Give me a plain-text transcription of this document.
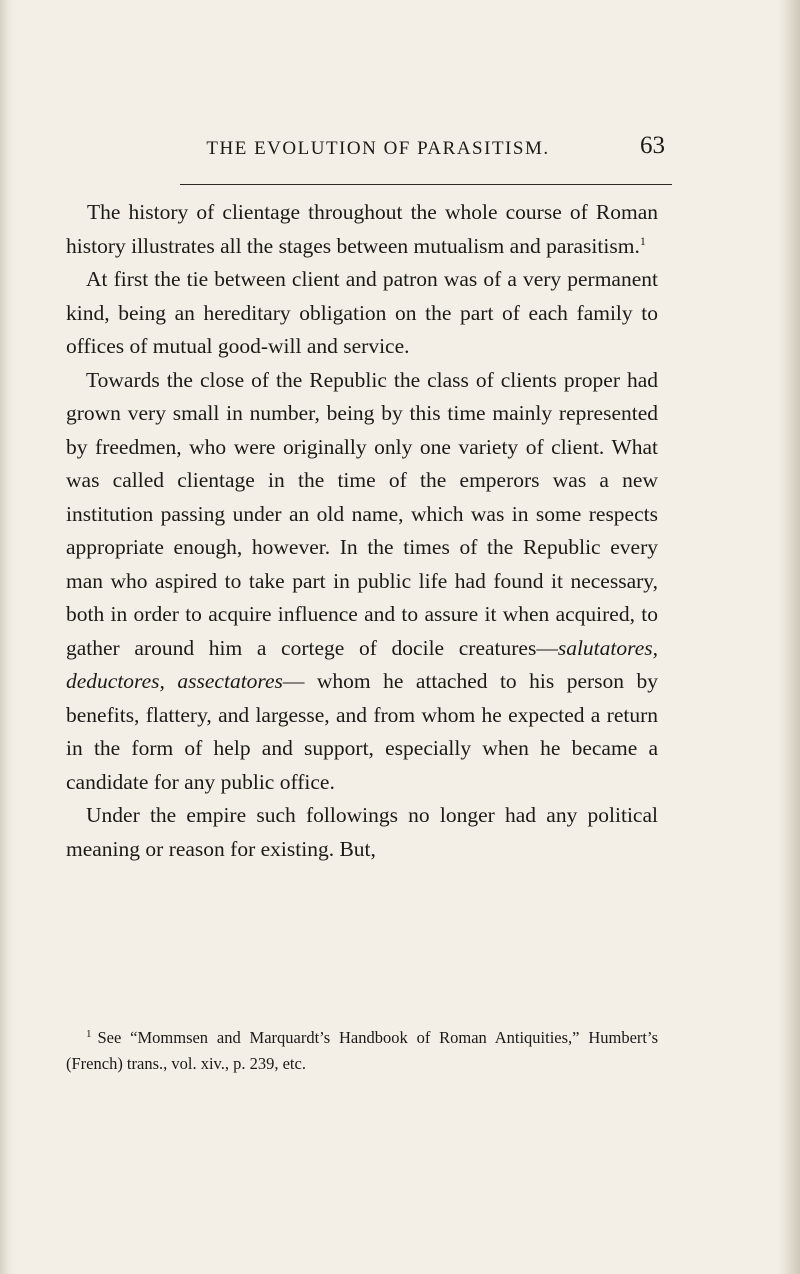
THE EVOLUTION OF PARASITISM.	63

The history of clientage throughout the whole course of Roman history illustrates all the stages between mutualism and parasitism.$^1$

At first the tie between client and patron was of a very permanent kind, being an hereditary obligation on the part of each family to offices of mutual good-will and service.

Towards the close of the Republic the class of clients proper had grown very small in number, being by this time mainly represented by freedmen, who were originally only one variety of client. What was called clientage in the time of the emperors was a new institution passing under an old name, which was in some respects appropriate enough, however. In the times of the Republic every man who aspired to take part in public life had found it necessary, both in order to acquire influence and to assure it when acquired, to gather around him a cortege of docile creatures—salutatores, deductores, assectatores— whom he attached to his person by benefits, flattery, and largesse, and from whom he expected a return in the form of help and support, especially when he became a candidate for any public office.

Under the empire such followings no longer had any political meaning or reason for existing. But,

$^1$ See “Mommsen and Marquardt’s Handbook of Roman Antiquities,” Humbert’s (French) trans., vol. xiv., p. 239, etc.
